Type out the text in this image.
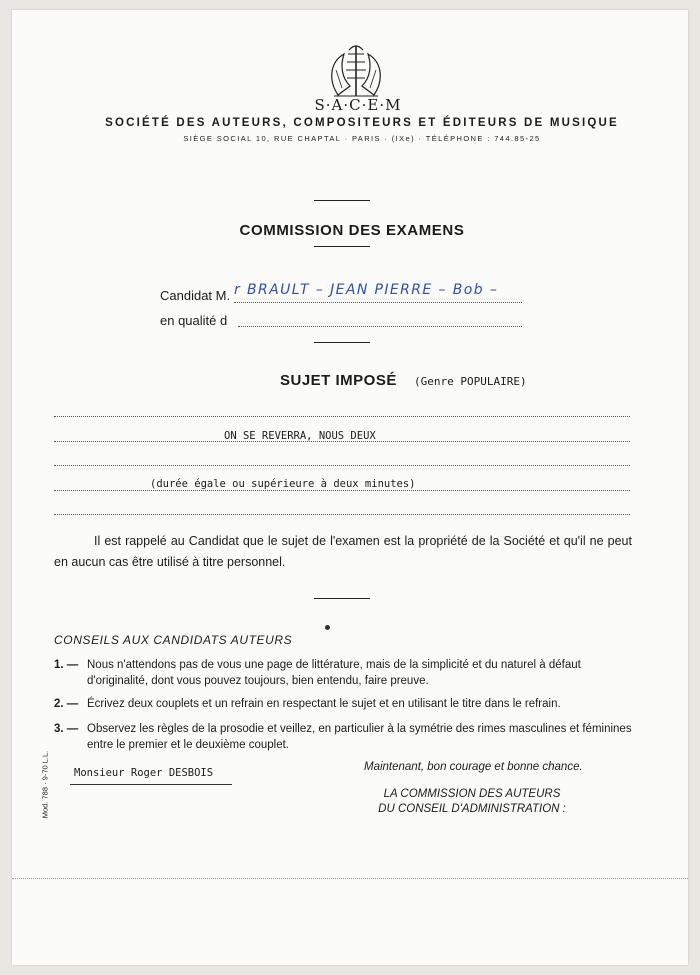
S·A·C·E·M
SOCIÉTÉ DES AUTEURS, COMPOSITEURS ET ÉDITEURS DE MUSIQUE
SIÈGE SOCIAL 10, RUE CHAPTAL · PARIS · (IXe) · TÉLÉPHONE : 744.85-25
COMMISSION DES EXAMENS
Candidat M. r BRAULT – JEAN PIERRE – Bob –
en qualité d
SUJET IMPOSÉ (Genre POPULAIRE)
ON SE REVERRA, NOUS DEUX
(durée égale ou supérieure à deux minutes)
Il est rappelé au Candidat que le sujet de l'examen est la propriété de la Société et qu'il ne peut en aucun cas être utilisé à titre personnel.
CONSEILS AUX CANDIDATS AUTEURS
1. — Nous n'attendons pas de vous une page de littérature, mais de la simplicité et du naturel à défaut d'originalité, dont vous pouvez toujours, bien entendu, faire preuve.
2. — Écrivez deux couplets et un refrain en respectant le sujet et en utilisant le titre dans le refrain.
3. — Observez les règles de la prosodie et veillez, en particulier à la symétrie des rimes masculines et féminines entre le premier et le deuxième couplet.
Monsieur Roger DESBOIS	Maintenant, bon courage et bonne chance.
LA COMMISSION DES AUTEURS
DU CONSEIL D'ADMINISTRATION :
Mod. 788 · 9-70 L.L.
